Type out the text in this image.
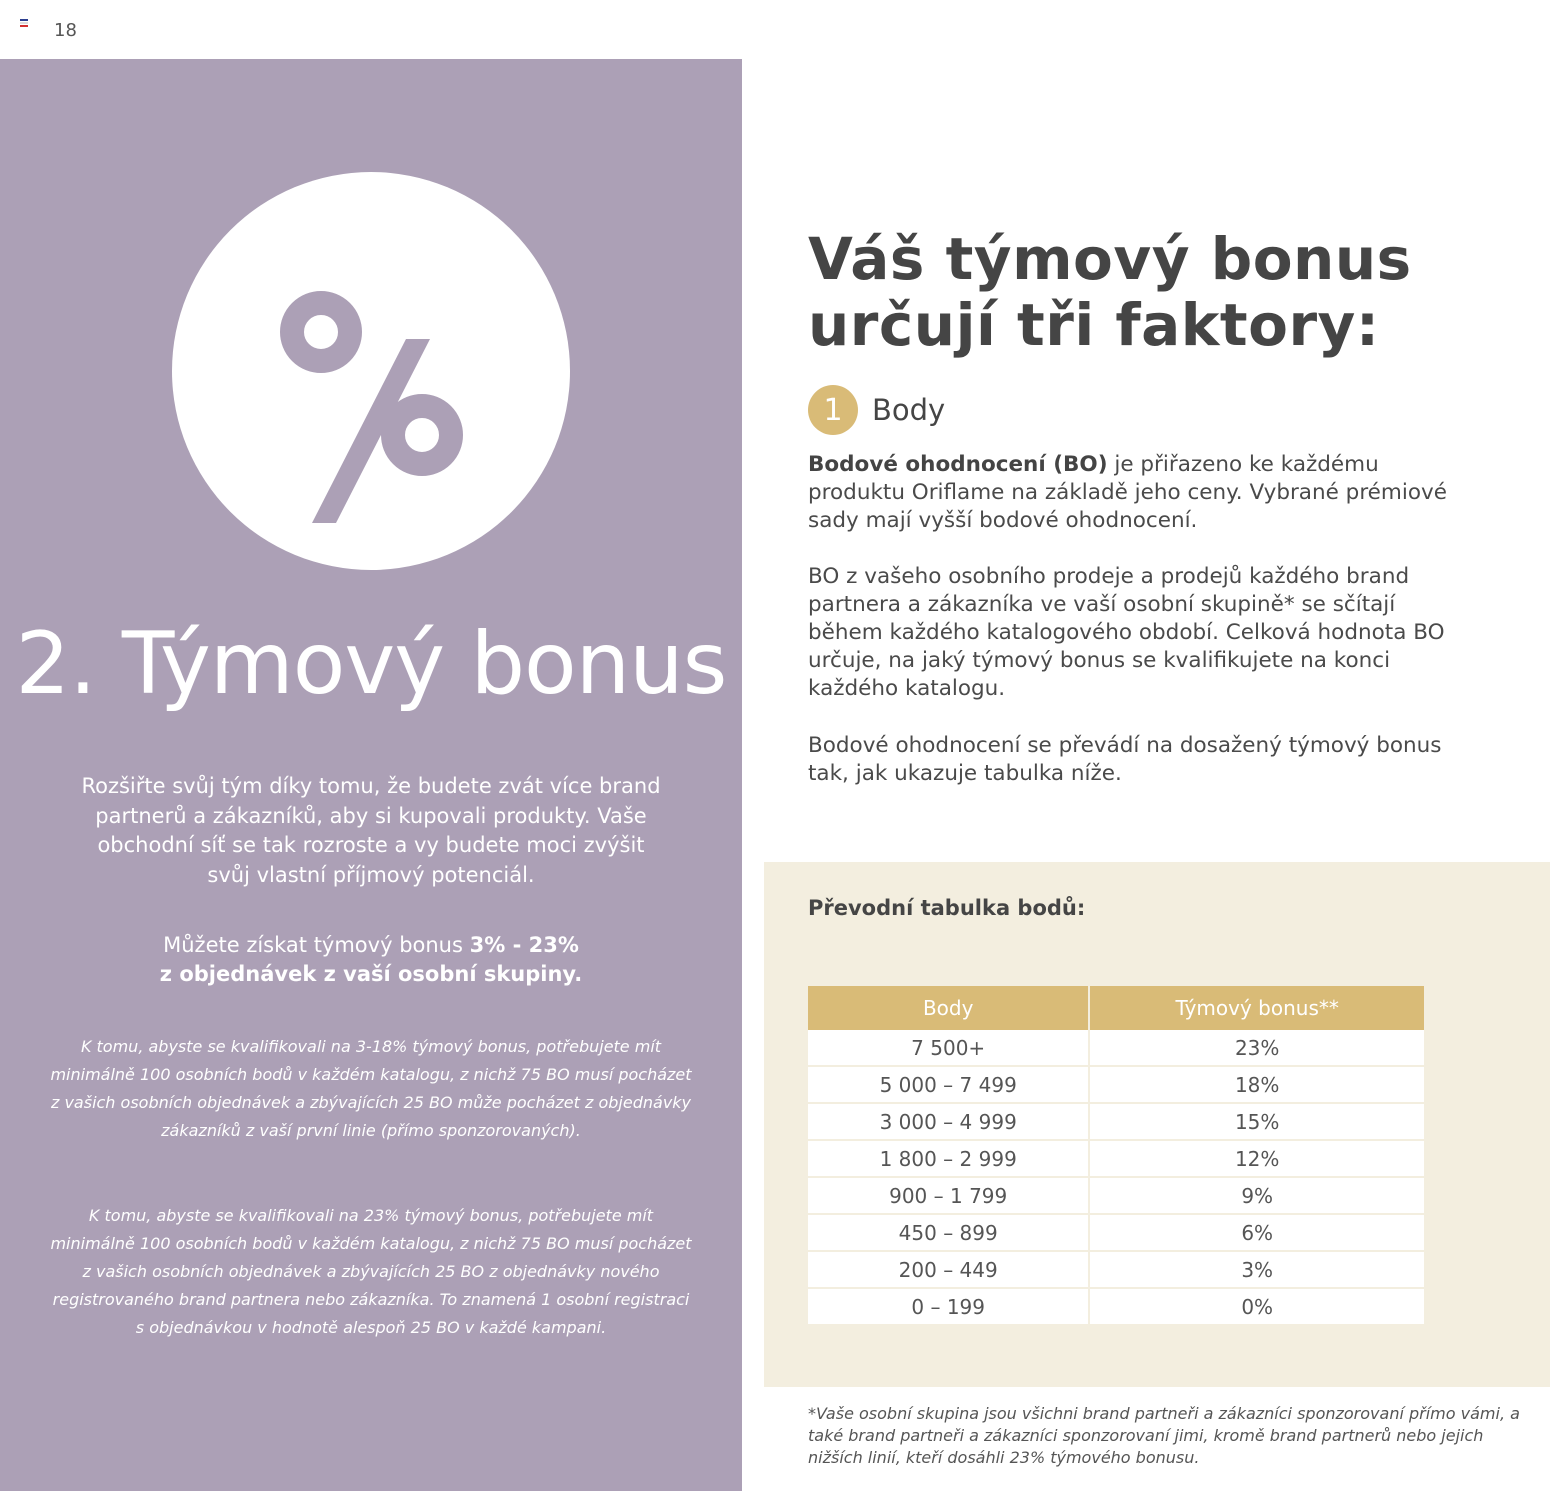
18
2. Týmový bonus

Rozšiřte svůj tým díky tomu, že budete zvát více brand partnerů a zákazníků, aby si kupovali produkty. Vaše obchodní síť se tak rozroste a vy budete moci zvýšit svůj vlastní příjmový potenciál.

Můžete získat týmový bonus 3% - 23%
z objednávek z vaší osobní skupiny.

K tomu, abyste se kvalifikovali na 3-18% týmový bonus, potřebujete mít minimálně 100 osobních bodů v každém katalogu, z nichž 75 BO musí pocházet z vašich osobních objednávek a zbývajících 25 BO může pocházet z objednávky zákazníků z vaší první linie (přímo sponzorovaných).

K tomu, abyste se kvalifikovali na 23% týmový bonus, potřebujete mít minimálně 100 osobních bodů v každém katalogu, z nichž 75 BO musí pocházet z vašich osobních objednávek a zbývajících 25 BO z objednávky nového registrovaného brand partnera nebo zákazníka. To znamená 1 osobní registraci s objednávkou v hodnotě alespoň 25 BO v každé kampani.

Váš týmový bonus
určují tři faktory:
1	Body

Bodové ohodnocení (BO) je přiřazeno ke každému produktu Oriflame na základě jeho ceny. Vybrané prémiové sady mají vyšší bodové ohodnocení.

BO z vašeho osobního prodeje a prodejů každého brand partnera a zákazníka ve vaší osobní skupině* se sčítají během každého katalogového období. Celková hodnota BO určuje, na jaký týmový bonus se kvalifikujete na konci každého katalogu.

Bodové ohodnocení se převádí na dosažený týmový bonus tak, jak ukazuje tabulka níže.

Převodní tabulka bodů:
Body	Týmový bonus**
7 500+	23%
5 000 – 7 499	18%
3 000 – 4 999	15%
1 800 – 2 999	12%
900 – 1 799	9%
450 – 899	6%
200 – 449	3%
0 – 199	0%

*Vaše osobní skupina jsou všichni brand partneři a zákazníci sponzorovaní přímo vámi, a také brand partneři a zákazníci sponzorovaní jimi, kromě brand partnerů nebo jejich nižších linií, kteří dosáhli 23% týmového bonusu.
